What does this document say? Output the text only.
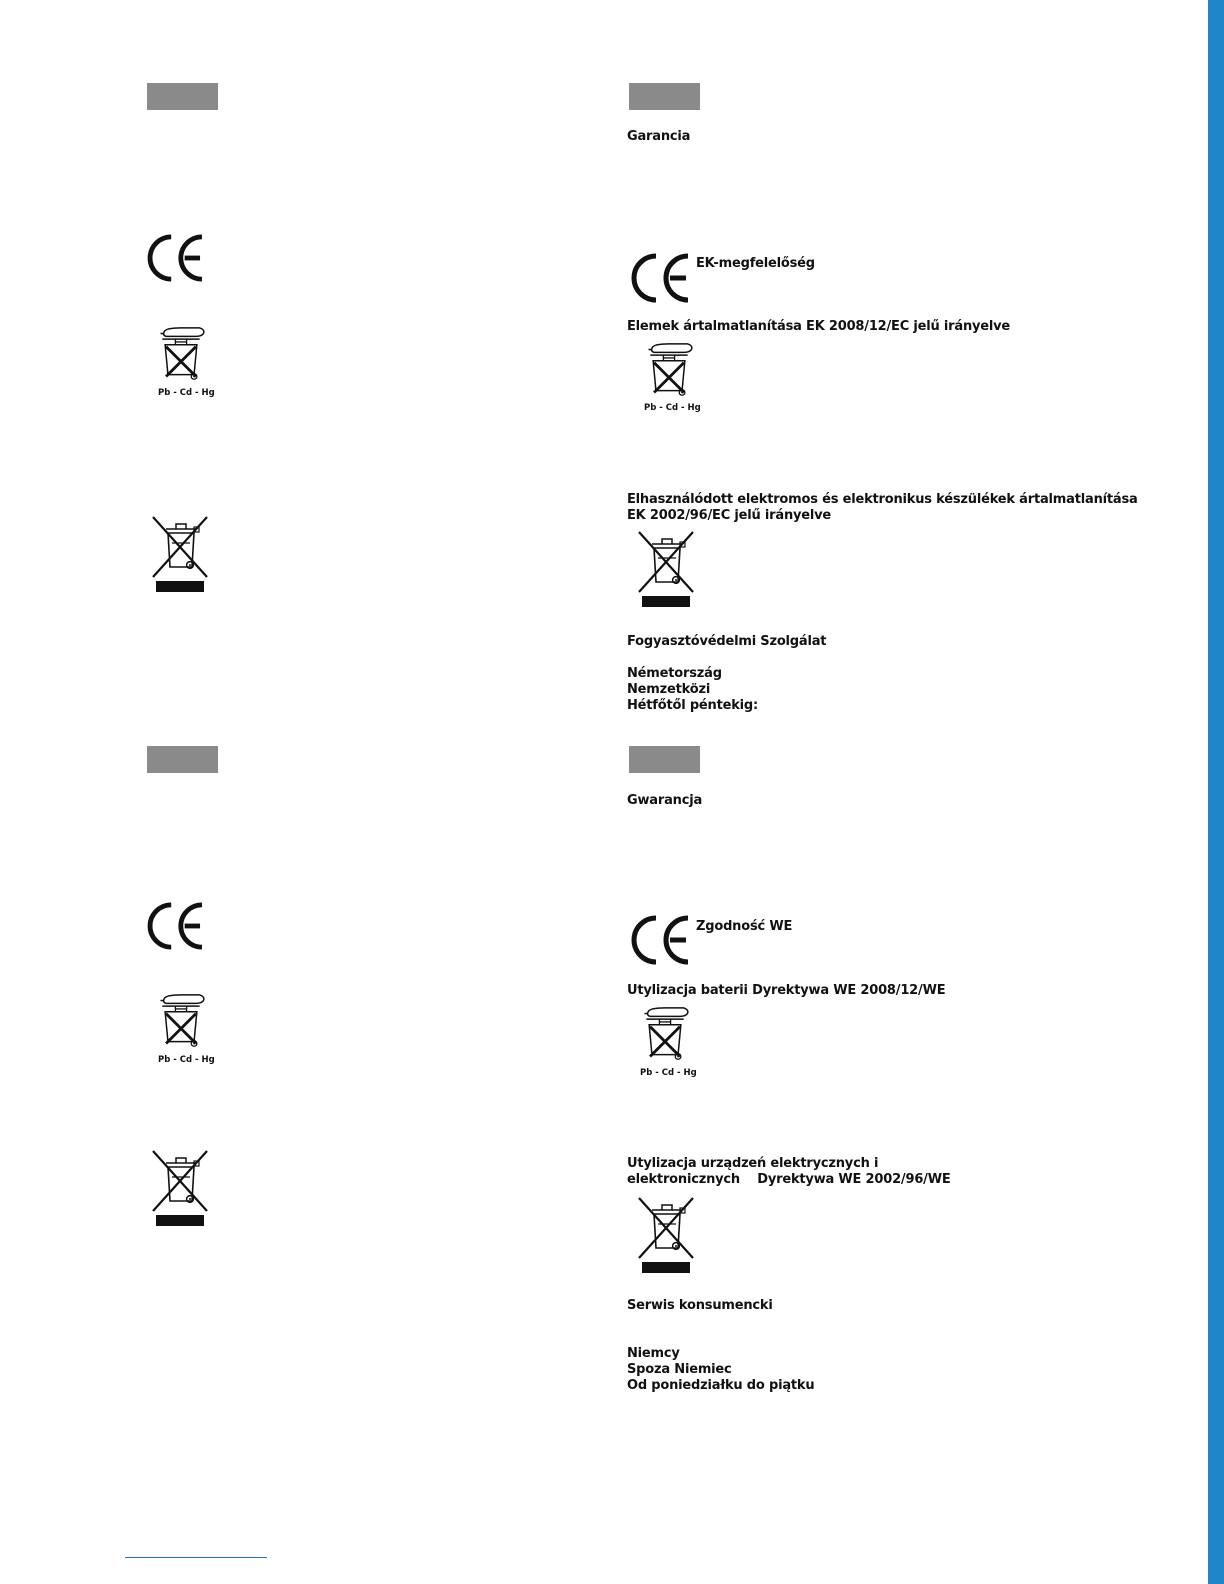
Pb - Cd - Hg
Pb - Cd - Hg
Garancia
EK-megfelelőség
Elemek ártalmatlanítása EK 2008/12/EC jelű irányelve
Pb - Cd - Hg
Elhasználódott elektromos és elektronikus készülékek ártalmatlanítása
EK 2002/96/EC jelű irányelve
Fogyasztóvédelmi Szolgálat
Németország
Nemzetközi
Hétfőtől péntekig:
Gwarancja
Zgodność WE
Utylizacja baterii Dyrektywa WE 2008/12/WE
Pb - Cd - Hg
Utylizacja urządzeń elektrycznych i
elektronicznych    Dyrektywa WE 2002/96/WE
Serwis konsumencki
Niemcy
Spoza Niemiec
Od poniedziałku do piątku
